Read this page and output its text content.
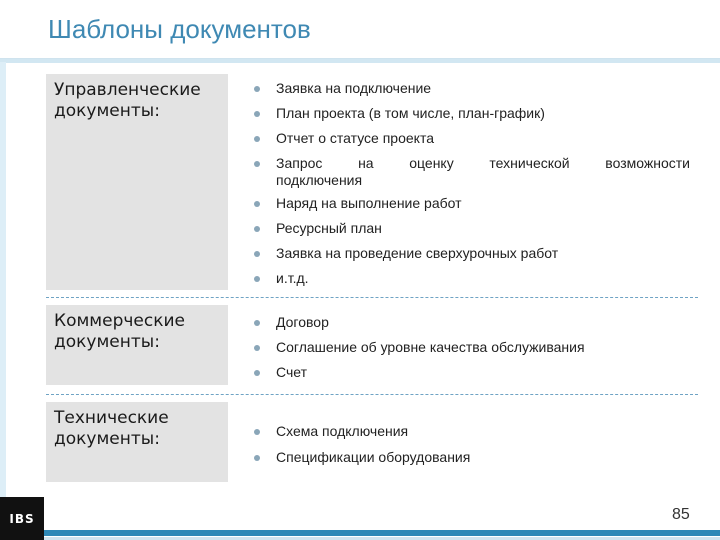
Шаблоны документов
Управленческие
документы:
Заявка на подключение
План проекта (в том числе, план-график)
Отчет о статусе проекта
Запрос на оценку технической возможности
подключения
Наряд на выполнение работ
Ресурсный план
Заявка на проведение сверхурочных работ
и.т.д.
Коммерческие
документы:
Договор
Соглашение об уровне качества обслуживания
Счет
Технические
документы:	Схема подключения
Спецификации оборудования
IBS	85
